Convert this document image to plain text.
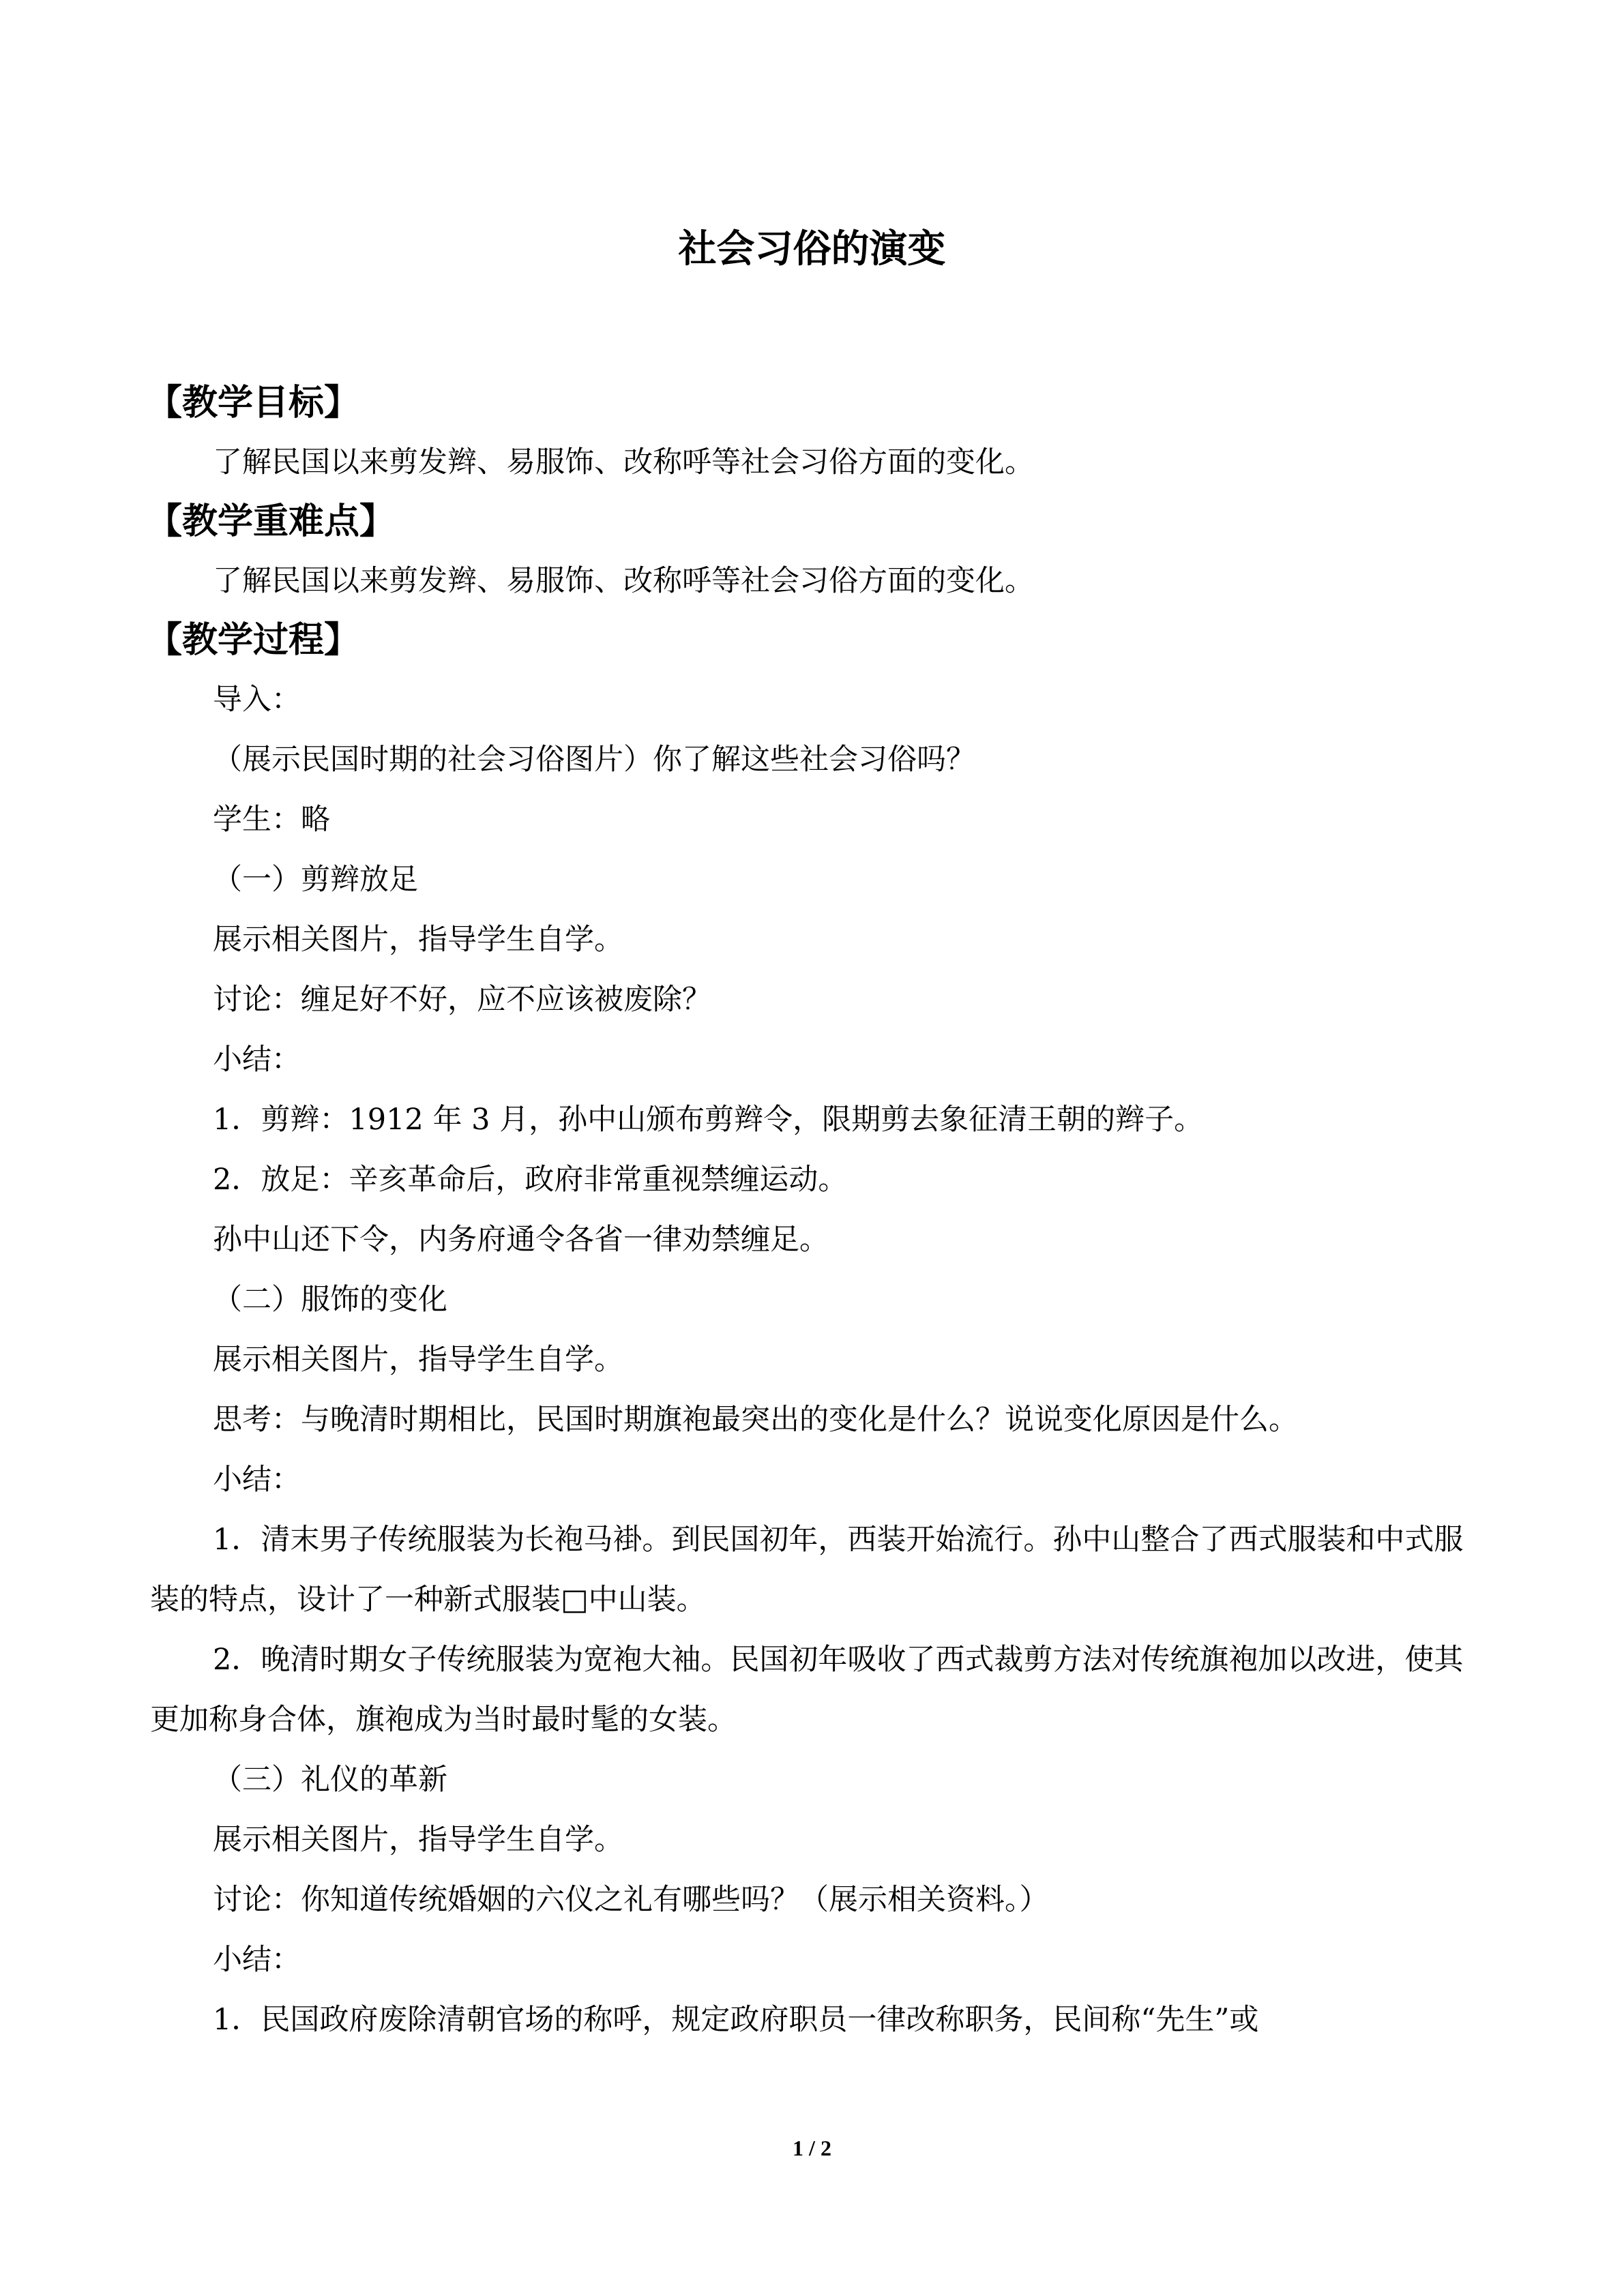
社会习俗的演变
【教学目标】
了解民国以来剪发辫、易服饰、改称呼等社会习俗方面的变化。
【教学重难点】
了解民国以来剪发辫、易服饰、改称呼等社会习俗方面的变化。
【教学过程】
导入：
（展示民国时期的社会习俗图片）你了解这些社会习俗吗？
学生：略
（一）剪辫放足
展示相关图片，指导学生自学。
讨论：缠足好不好，应不应该被废除？
小结：
1．剪辫：1912 年 3 月，孙中山颁布剪辫令，限期剪去象征清王朝的辫子。
2．放足：辛亥革命后，政府非常重视禁缠运动。
孙中山还下令，内务府通令各省一律劝禁缠足。
（二）服饰的变化
展示相关图片，指导学生自学。
思考：与晚清时期相比，民国时期旗袍最突出的变化是什么？说说变化原因是什么。
小结：
1．清末男子传统服装为长袍马褂。到民国初年，西装开始流行。孙中山整合了西式服装和中式服装的特点，设计了一种新式服装□中山装。
2．晚清时期女子传统服装为宽袍大袖。民国初年吸收了西式裁剪方法对传统旗袍加以改进，使其更加称身合体，旗袍成为当时最时髦的女装。
（三）礼仪的革新
展示相关图片，指导学生自学。
讨论：你知道传统婚姻的六仪之礼有哪些吗？（展示相关资料。）
小结：
1．民国政府废除清朝官场的称呼，规定政府职员一律改称职务，民间称“先生”或
1 / 2
